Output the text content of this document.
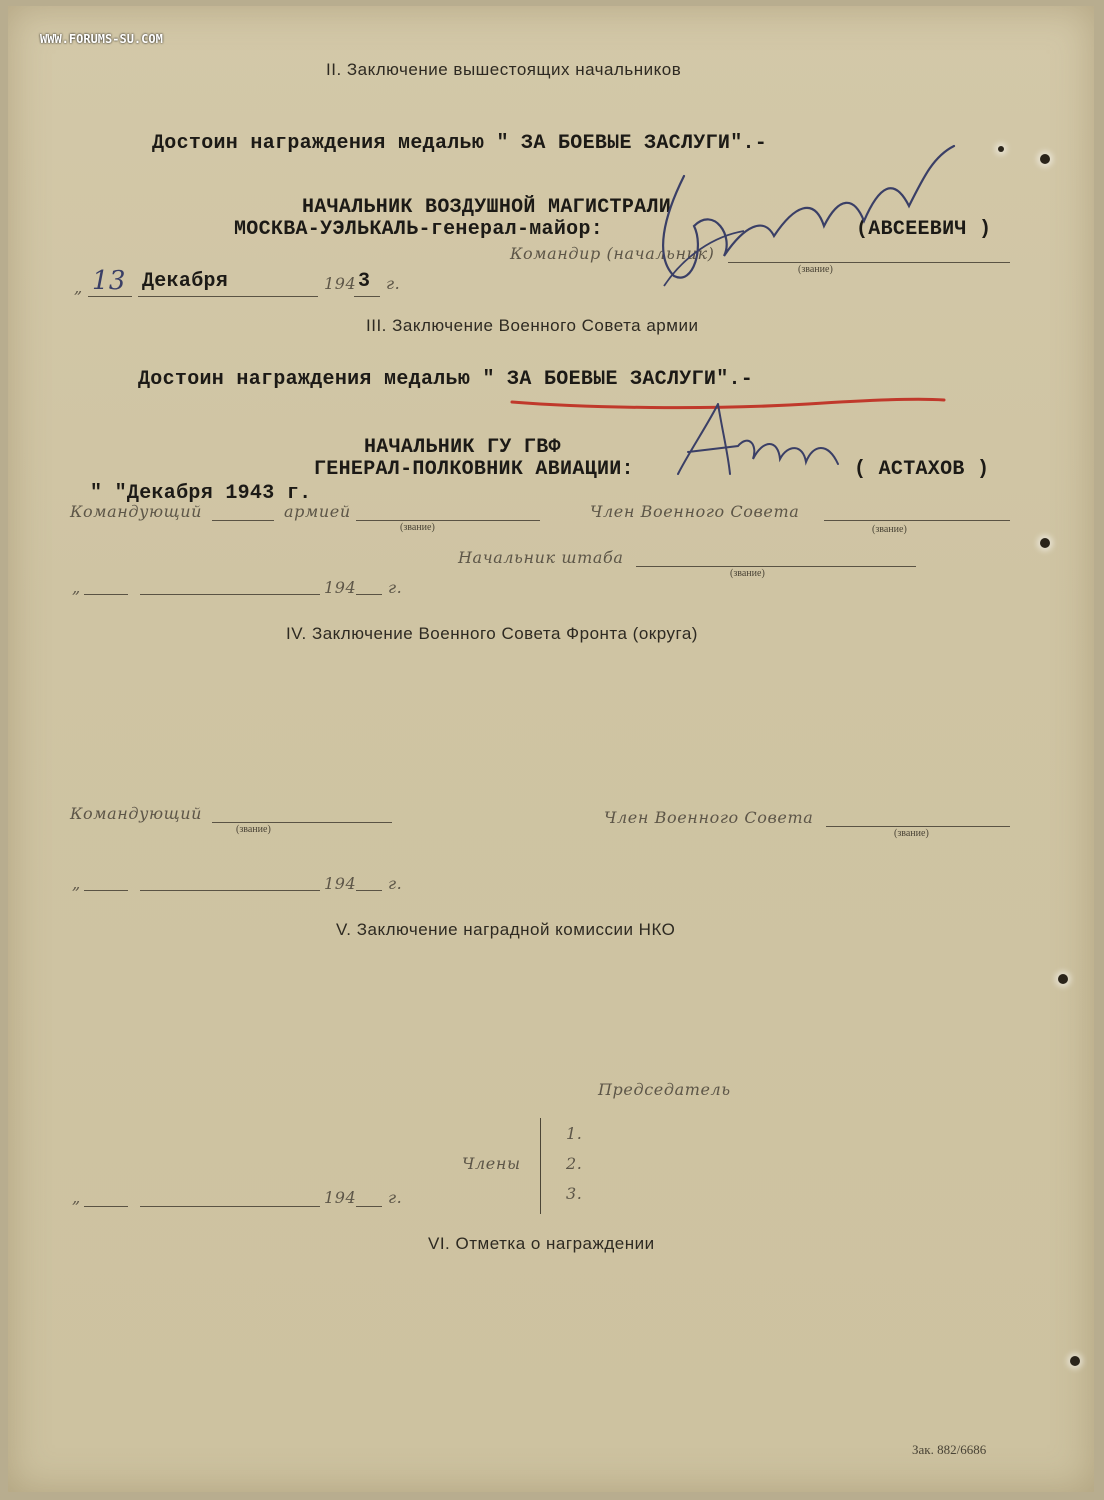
WWW.FORUMS-SU.COM
II. Заключение вышестоящих начальников
Достоин награждения медалью " ЗА БОЕВЫЕ ЗАСЛУГИ".-
НАЧАЛЬНИК ВОЗДУШНОЙ МАГИСТРАЛИ
МОСКВА-УЭЛЬКАЛЬ-генерал-майор:	(АВСЕЕВИЧ )
Командир (начальник)
(звание)
„ 13 Декабря	194 3 г.
III. Заключение Военного Совета армии
Достоин награждения медалью " ЗА БОЕВЫЕ ЗАСЛУГИ".-
НАЧАЛЬНИК ГУ ГВФ
ГЕНЕРАЛ-ПОЛКОВНИК АВИАЦИИ:	( АСТАХОВ )
" "Декабря 1943 г.
Командующий	армией
(звание)
Член Военного Совета
(звание)
Начальник штаба
(звание)
„	194 г.
IV. Заключение Военного Совета Фронта (округа)
Командующий
(звание)
Член Военного Совета
(звание)
„	194 г.
V. Заключение наградной комиссии НКО
Председатель
Члены
1.
2.
3.
„	194 г.
VI. Отметка о награждении
Зак. 882/6686
